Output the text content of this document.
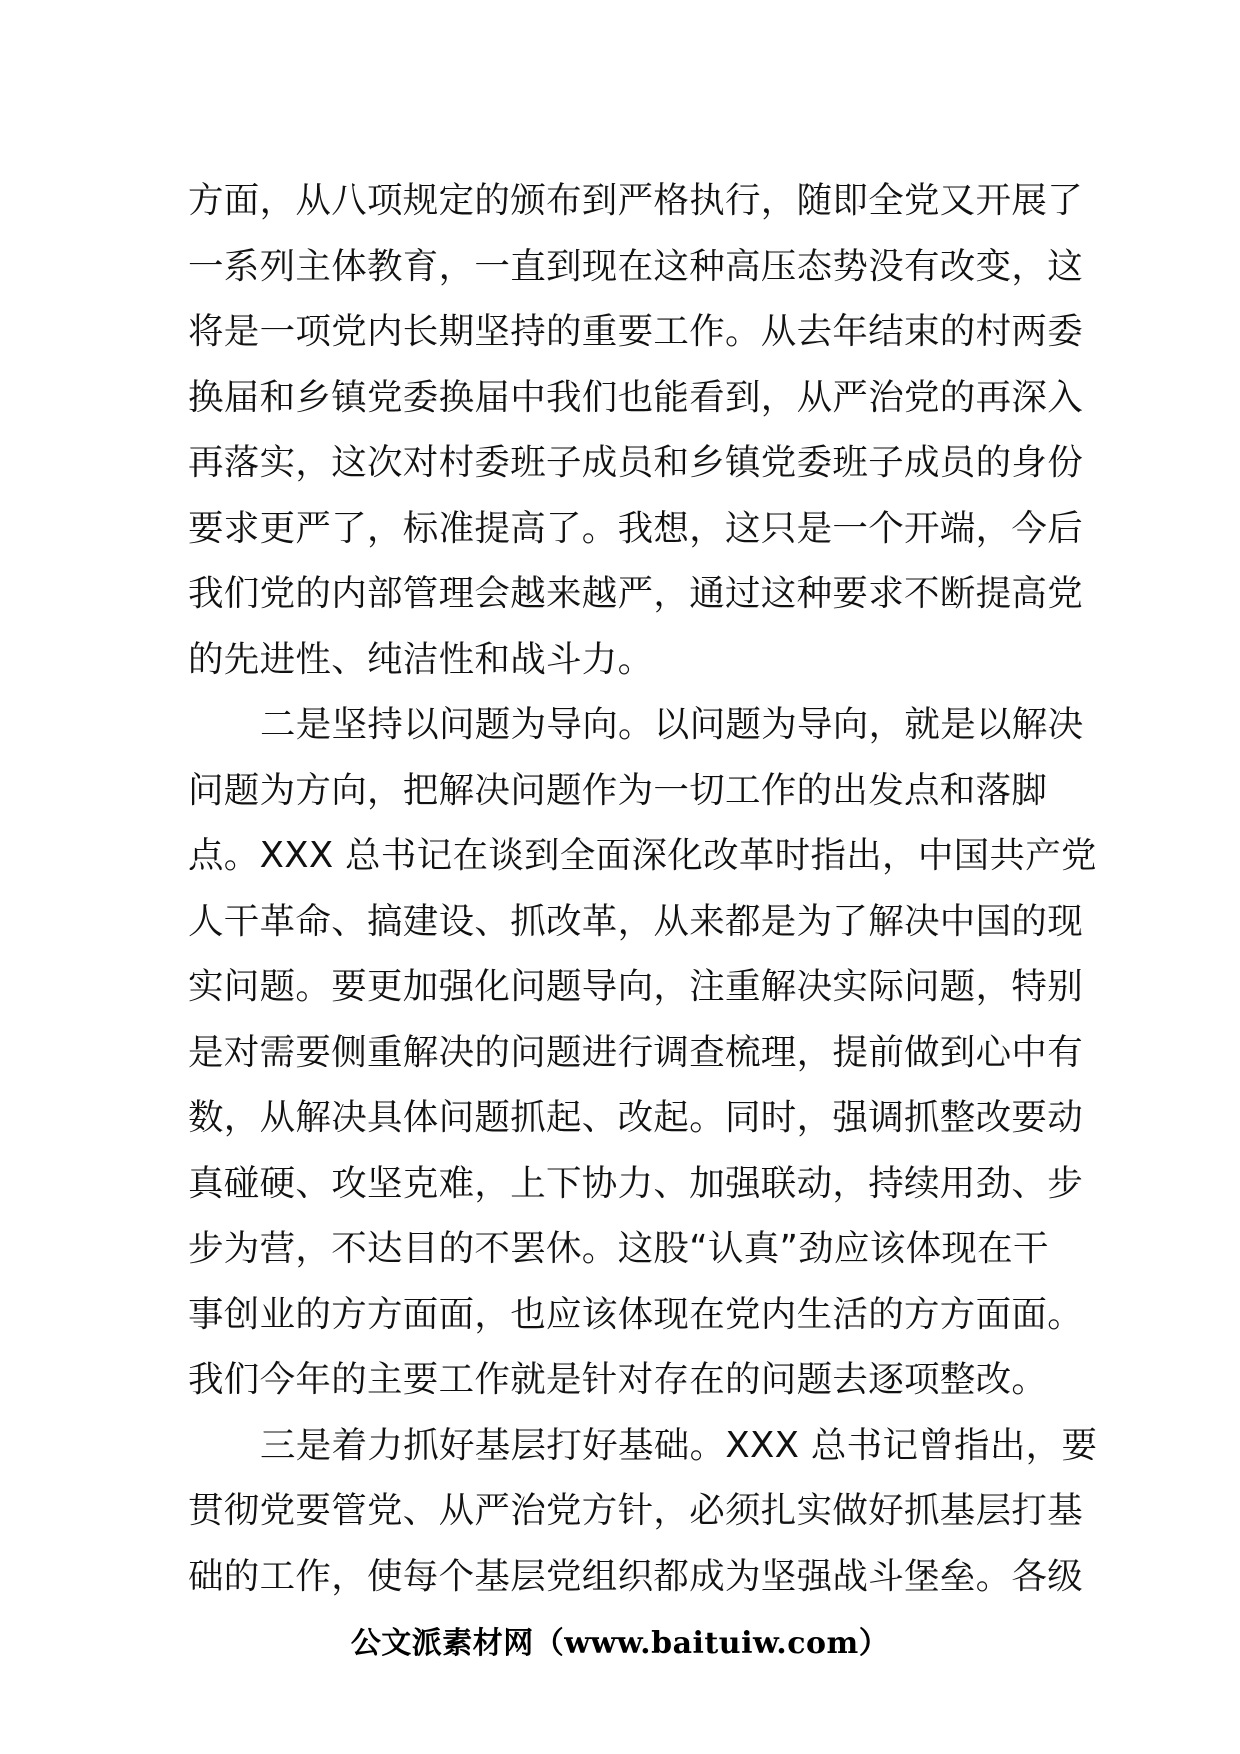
方面，从八项规定的颁布到严格执行，随即全党又开展了
一系列主体教育，一直到现在这种高压态势没有改变，这
将是一项党内长期坚持的重要工作。从去年结束的村两委
换届和乡镇党委换届中我们也能看到，从严治党的再深入
再落实，这次对村委班子成员和乡镇党委班子成员的身份
要求更严了，标准提高了。我想，这只是一个开端，今后
我们党的内部管理会越来越严，通过这种要求不断提高党
的先进性、纯洁性和战斗力。
二是坚持以问题为导向。以问题为导向，就是以解决
问题为方向，把解决问题作为一切工作的出发点和落脚
点。XXX 总书记在谈到全面深化改革时指出，中国共产党
人干革命、搞建设、抓改革，从来都是为了解决中国的现
实问题。要更加强化问题导向，注重解决实际问题，特别
是对需要侧重解决的问题进行调查梳理，提前做到心中有
数，从解决具体问题抓起、改起。同时，强调抓整改要动
真碰硬、攻坚克难，上下协力、加强联动，持续用劲、步
步为营，不达目的不罢休。这股“认真”劲应该体现在干
事创业的方方面面，也应该体现在党内生活的方方面面。
我们今年的主要工作就是针对存在的问题去逐项整改。
三是着力抓好基层打好基础。XXX 总书记曾指出，要
贯彻党要管党、从严治党方针，必须扎实做好抓基层打基
础的工作，使每个基层党组织都成为坚强战斗堡垒。各级
公文派素材网（www.baituiw.com）
